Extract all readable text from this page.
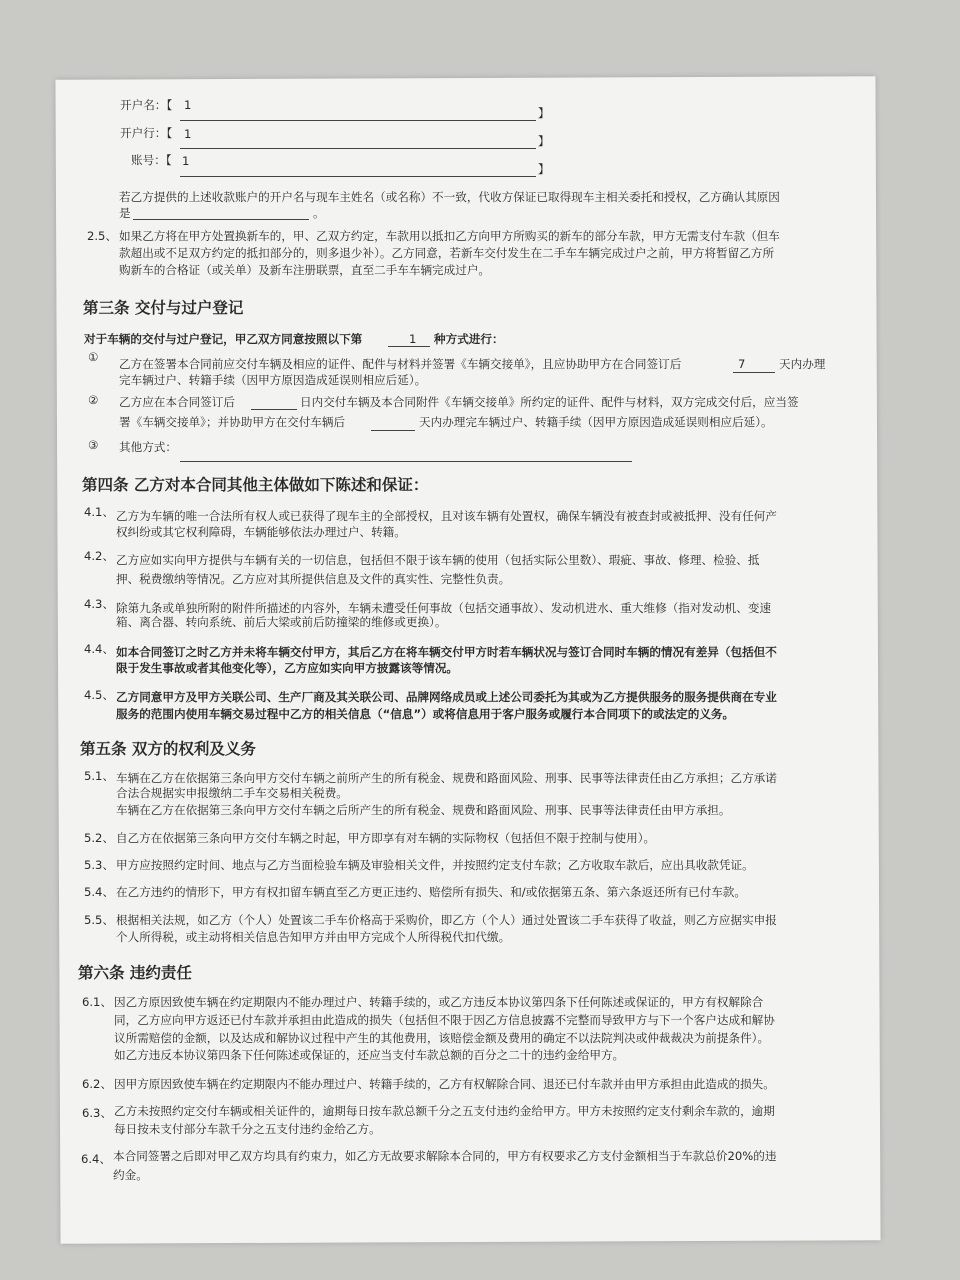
开户名：【 1
】
开户行：【 1	】
账号：【 1
】
若乙方提供的上述收款账户的开户名与现车主姓名（或名称）不一致，代收方保证已取得现车主相关委托和授权，乙方确认其原因
是	。
2.5、 如果乙方将在甲方处置换新车的，甲、乙双方约定，车款用以抵扣乙方向甲方所购买的新车的部分车款，甲方无需支付车款（但车
款超出或不足双方约定的抵扣部分的，则多退少补）。乙方同意，若新车交付发生在二手车车辆完成过户之前，甲方将暂留乙方所
购新车的合格证（或关单）及新车注册联票，直至二手车车辆完成过户。
第三条 交付与过户登记
对于车辆的交付与过户登记，甲乙双方同意按照以下第	1 种方式进行：
① 乙方在签署本合同前应交付车辆及相应的证件、配件与材料并签署《车辆交接单》，且应协助甲方在合同签订后	7	天内办理
完车辆过户、转籍手续（因甲方原因造成延误则相应后延）。
② 乙方应在本合同签订后	日内交付车辆及本合同附件《车辆交接单》所约定的证件、配件与材料，双方完成交付后，应当签
署《车辆交接单》；并协助甲方在交付车辆后	天内办理完车辆过户、转籍手续（因甲方原因造成延误则相应后延）。
③ 其他方式：
第四条 乙方对本合同其他主体做如下陈述和保证：
4.1、 乙方为车辆的唯一合法所有权人或已获得了现车主的全部授权，且对该车辆有处置权，确保车辆没有被查封或被抵押、没有任何产
权纠纷或其它权利障碍，车辆能够依法办理过户、转籍。
4.2、 乙方应如实向甲方提供与车辆有关的一切信息，包括但不限于该车辆的使用（包括实际公里数）、瑕疵、事故、修理、检验、抵
押、税费缴纳等情况。乙方应对其所提供信息及文件的真实性、完整性负责。
4.3、 除第九条或单独所附的附件所描述的内容外，车辆未遭受任何事故（包括交通事故）、发动机进水、重大维修（指对发动机、变速
箱、离合器、转向系统、前后大梁或前后防撞梁的维修或更换）。
4.4、 如本合同签订之时乙方并未将车辆交付甲方，其后乙方在将车辆交付甲方时若车辆状况与签订合同时车辆的情况有差异（包括但不
限于发生事故或者其他变化等），乙方应如实向甲方披露该等情况。
4.5、 乙方同意甲方及甲方关联公司、生产厂商及其关联公司、品牌网络成员或上述公司委托为其或为乙方提供服务的服务提供商在专业
服务的范围内使用车辆交易过程中乙方的相关信息（“信息”）或将信息用于客户服务或履行本合同项下的或法定的义务。
第五条 双方的权利及义务
5.1、 车辆在乙方在依据第三条向甲方交付车辆之前所产生的所有税金、规费和路面风险、刑事、民事等法律责任由乙方承担；乙方承诺
合法合规据实申报缴纳二手车交易相关税费。
车辆在乙方在依据第三条向甲方交付车辆之后所产生的所有税金、规费和路面风险、刑事、民事等法律责任由甲方承担。
5.2、 自乙方在依据第三条向甲方交付车辆之时起，甲方即享有对车辆的实际物权（包括但不限于控制与使用）。
5.3、 甲方应按照约定时间、地点与乙方当面检验车辆及审验相关文件，并按照约定支付车款；乙方收取车款后，应出具收款凭证。
5.4、 在乙方违约的情形下，甲方有权扣留车辆直至乙方更正违约、赔偿所有损失、和/或依据第五条、第六条返还所有已付车款。
5.5、 根据相关法规，如乙方（个人）处置该二手车价格高于采购价，即乙方（个人）通过处置该二手车获得了收益，则乙方应据实申报
个人所得税，或主动将相关信息告知甲方并由甲方完成个人所得税代扣代缴。
第六条 违约责任
6.1、 因乙方原因致使车辆在约定期限内不能办理过户、转籍手续的，或乙方违反本协议第四条下任何陈述或保证的，甲方有权解除合
同，乙方应向甲方返还已付车款并承担由此造成的损失（包括但不限于因乙方信息披露不完整而导致甲方与下一个客户达成和解协
议所需赔偿的金额，以及达成和解协议过程中产生的其他费用，该赔偿金额及费用的确定不以法院判决或仲裁裁决为前提条件）。
如乙方违反本协议第四条下任何陈述或保证的，还应当支付车款总额的百分之二十的违约金给甲方。
6.2、 因甲方原因致使车辆在约定期限内不能办理过户、转籍手续的，乙方有权解除合同、退还已付车款并由甲方承担由此造成的损失。
6.3、 乙方未按照约定交付车辆或相关证件的，逾期每日按车款总额千分之五支付违约金给甲方。甲方未按照约定支付剩余车款的，逾期
每日按未支付部分车款千分之五支付违约金给乙方。
6.4、 本合同签署之后即对甲乙双方均具有约束力，如乙方无故要求解除本合同的，甲方有权要求乙方支付金额相当于车款总价20%的违
约金。
